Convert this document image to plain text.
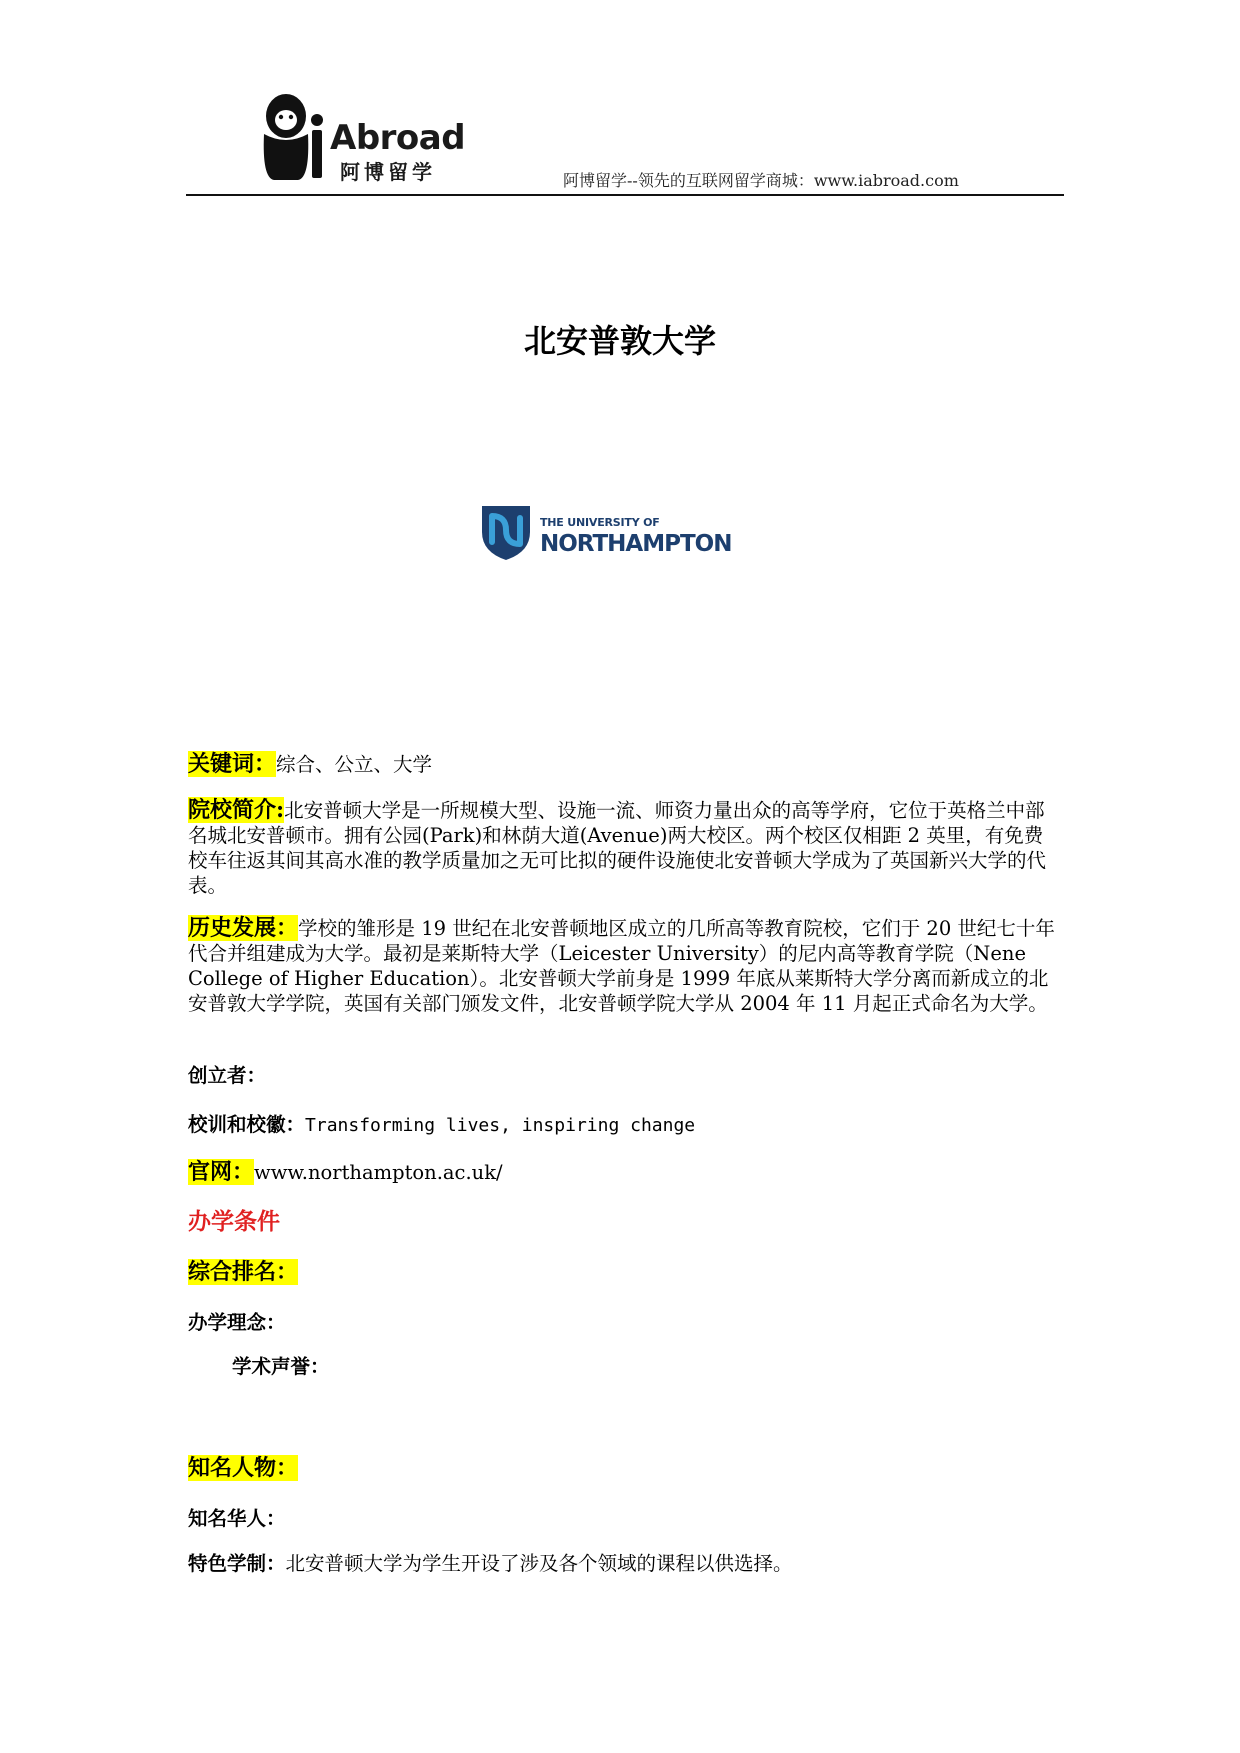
Abroad
阿博留学	阿博留学--领先的互联网留学商城：www.iabroad.com
北安普敦大学
THE UNIVERSITY OF
NORTHAMPTON
关键词：综合、公立、大学

院校简介:北安普顿大学是一所规模大型、设施一流、师资力量出众的高等学府，它位于英格兰中部名城北安普顿市。拥有公园(Park)和林荫大道(Avenue)两大校区。两个校区仅相距 2 英里，有免费校车往返其间其高水准的教学质量加之无可比拟的硬件设施使北安普顿大学成为了英国新兴大学的代表。

历史发展：学校的雏形是 19 世纪在北安普顿地区成立的几所高等教育院校，它们于 20 世纪七十年代合并组建成为大学。最初是莱斯特大学（Leicester University）的尼内高等教育学院（Nene College of Higher Education）。北安普顿大学前身是 1999 年底从莱斯特大学分离而新成立的北安普敦大学学院，英国有关部门颁发文件，北安普顿学院大学从 2004 年 11 月起正式命名为大学。

创立者：
校训和校徽：Transforming lives, inspiring change
官网：www.northampton.ac.uk/
办学条件
综合排名：
办学理念：
学术声誉：
知名人物：
知名华人：
特色学制：北安普顿大学为学生开设了涉及各个领域的课程以供选择。
